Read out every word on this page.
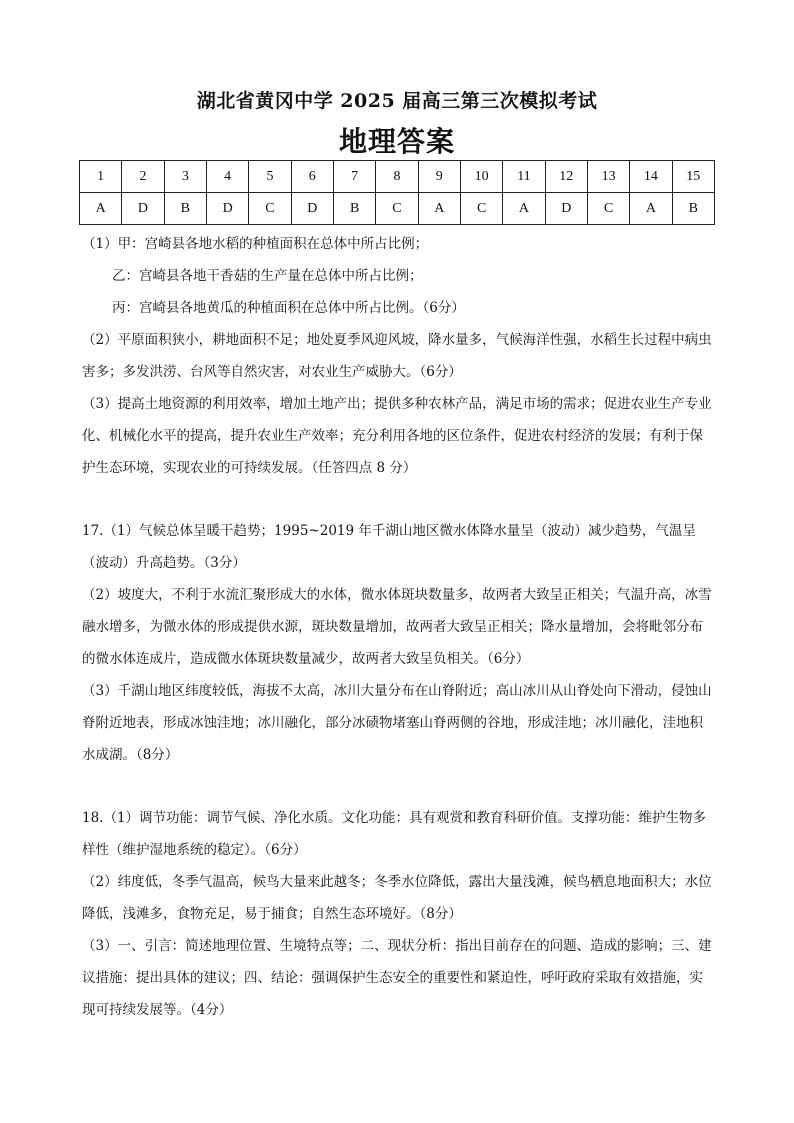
湖北省黄冈中学 2025 届高三第三次模拟考试
地理答案
1	2	3	4	5	6	7	8	9	10	11	12	13	14	15
A	D	B	D	C	D	B	C	A	C	A	D	C	A	B

（1）甲：宫崎县各地水稻的种植面积在总体中所占比例；

乙：宫崎县各地干香菇的生产量在总体中所占比例；

丙：宫崎县各地黄瓜的种植面积在总体中所占比例。（6分）

（2）平原面积狭小，耕地面积不足；地处夏季风迎风坡，降水量多，气候海洋性强，水稻生长过程中病虫害多；多发洪涝、台风等自然灾害，对农业生产威胁大。（6分）

（3）提高土地资源的利用效率，增加土地产出；提供多种农林产品，满足市场的需求；促进农业生产专业化、机械化水平的提高，提升农业生产效率；充分利用各地的区位条件，促进农村经济的发展；有利于保护生态环境，实现农业的可持续发展。（任答四点 8 分）

17.（1）气候总体呈暖干趋势；1995~2019 年千湖山地区微水体降水量呈（波动）减少趋势，气温呈（波动）升高趋势。（3分）

（2）坡度大，不利于水流汇聚形成大的水体，微水体斑块数量多，故两者大致呈正相关；气温升高，冰雪融水增多，为微水体的形成提供水源，斑块数量增加，故两者大致呈正相关；降水量增加，会将毗邻分布的微水体连成片，造成微水体斑块数量减少，故两者大致呈负相关。（6分）

（3）千湖山地区纬度较低，海拔不太高，冰川大量分布在山脊附近；高山冰川从山脊处向下滑动，侵蚀山脊附近地表，形成冰蚀洼地；冰川融化，部分冰碛物堵塞山脊两侧的谷地，形成洼地；冰川融化，洼地积水成湖。（8分）

18.（1）调节功能：调节气候、净化水质。文化功能：具有观赏和教育科研价值。支撑功能：维护生物多样性（维护湿地系统的稳定）。（6分）

（2）纬度低，冬季气温高，候鸟大量来此越冬；冬季水位降低，露出大量浅滩，候鸟栖息地面积大；水位降低，浅滩多，食物充足，易于捕食；自然生态环境好。（8分）

（3）一、引言：简述地理位置、生境特点等；二、现状分析：指出目前存在的问题、造成的影响；三、建议措施：提出具体的建议；四、结论：强调保护生态安全的重要性和紧迫性，呼吁政府采取有效措施，实现可持续发展等。（4分）
